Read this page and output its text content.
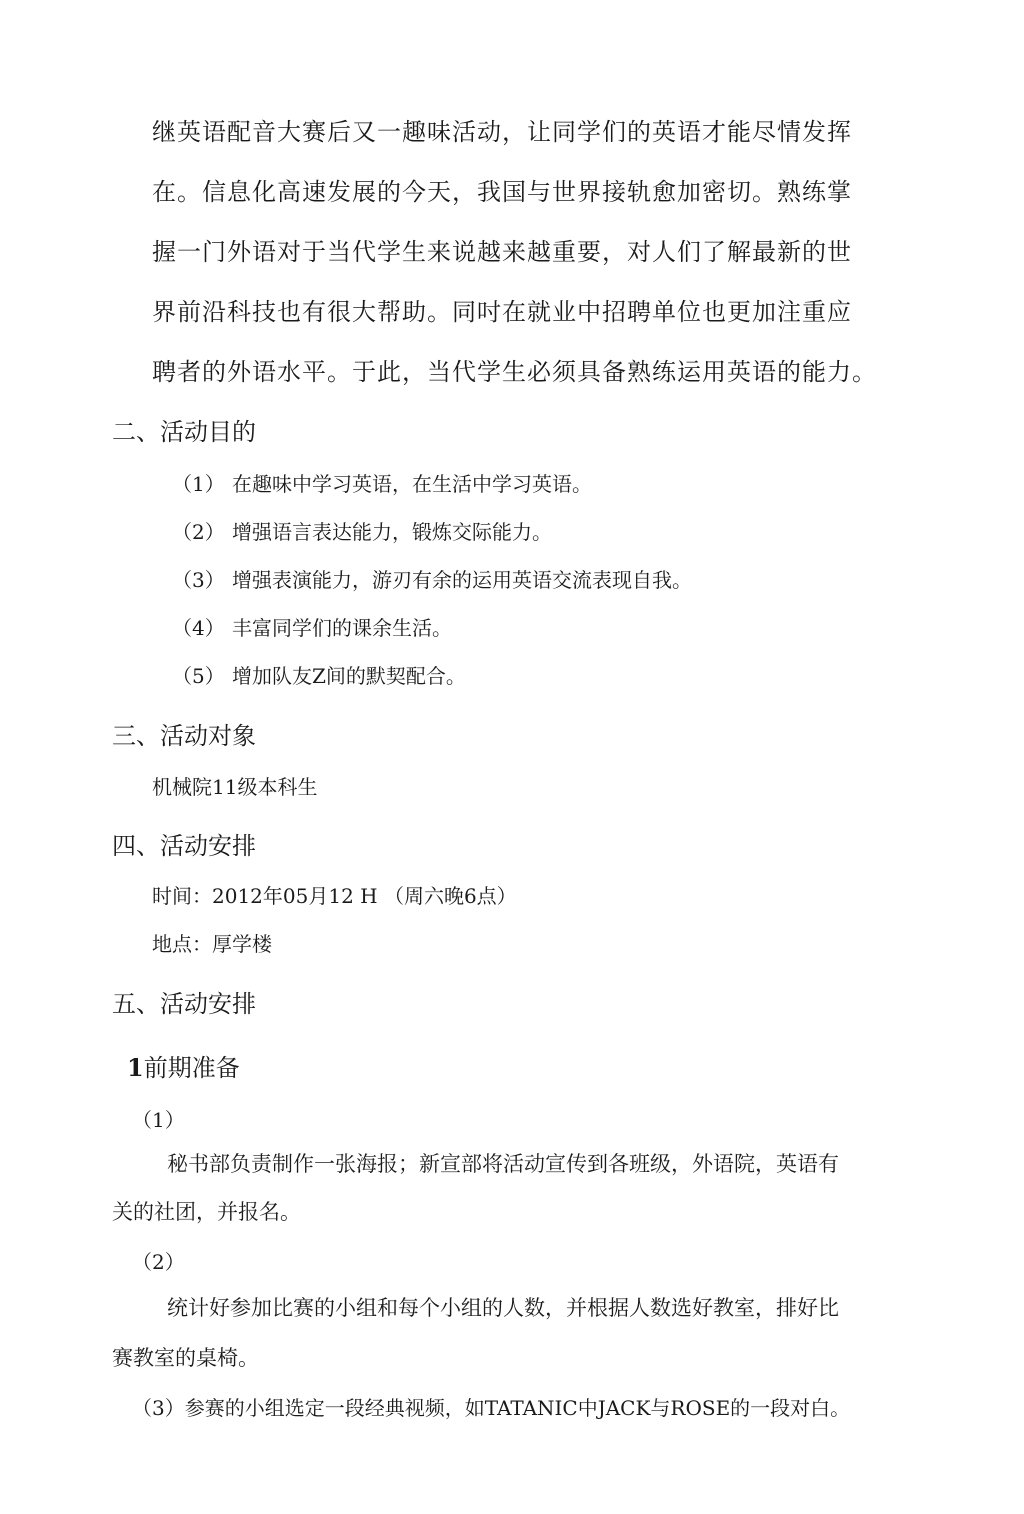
继英语配音大赛后又一趣味活动，让同学们的英语才能尽情发挥
在。信息化高速发展的今天，我国与世界接轨愈加密切。熟练掌
握一门外语对于当代学生来说越来越重要，对人们了解最新的世
界前沿科技也有很大帮助。同吋在就业中招聘单位也更加注重应
聘者的外语水平。于此，当代学生必须具备熟练运用英语的能力。
二、活动目的
（1） 在趣味中学习英语，在生活中学习英语。
（2） 增强语言表达能力，锻炼交际能力。
（3） 增强表演能力，游刃有余的运用英语交流表现自我。
（4） 丰富同学们的课余生活。
（5） 增加队友Z间的默契配合。
三、活动对象
机械院11级本科生
四、活动安排
时间：2012年05月12 H （周六晚6点）
地点：厚学楼
五、活动安排
1前期准备
（1）
秘书部负责制作一张海报；新宣部将活动宣传到各班级，外语院，英语有
关的社团，并报名。
（2）
统计好参加比赛的小组和每个小组的人数，并根据人数选好教室，排好比
赛教室的桌椅。
（3）参赛的小组选定一段经典视频，如TATANIC中JACK与ROSE的一段对白。
